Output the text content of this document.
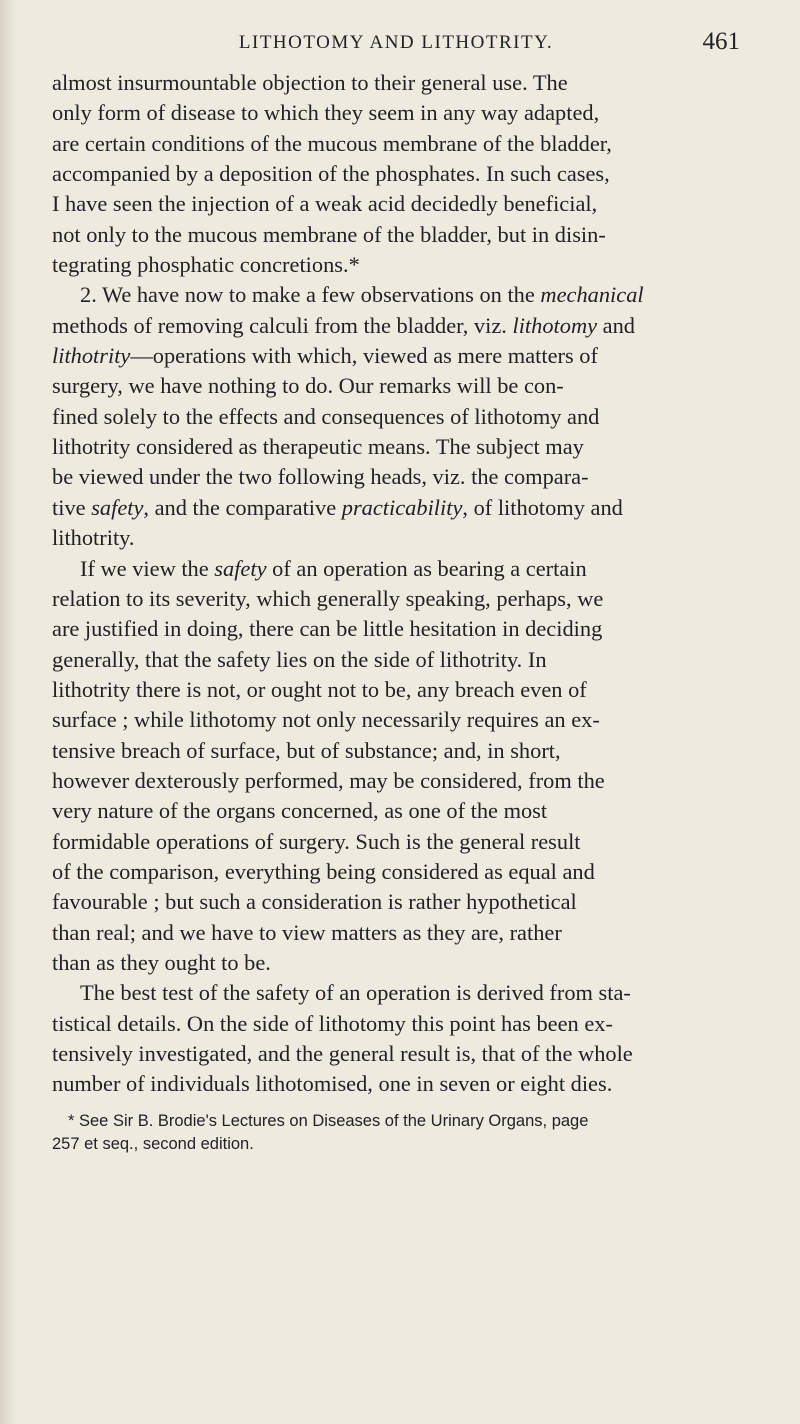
LITHOTOMY AND LITHOTRITY.	461

almost insurmountable objection to their general use. The
only form of disease to which they seem in any way adapted,
are certain conditions of the mucous membrane of the bladder,
accompanied by a deposition of the phosphates. In such cases,
I have seen the injection of a weak acid decidedly beneficial,
not only to the mucous membrane of the bladder, but in disin-
tegrating phosphatic concretions.*

2. We have now to make a few observations on the mechanical
methods of removing calculi from the bladder, viz. lithotomy and
lithotrity—operations with which, viewed as mere matters of
surgery, we have nothing to do. Our remarks will be con-
fined solely to the effects and consequences of lithotomy and
lithotrity considered as therapeutic means. The subject may
be viewed under the two following heads, viz. the compara-
tive safety, and the comparative practicability, of lithotomy and
lithotrity.

If we view the safety of an operation as bearing a certain
relation to its severity, which generally speaking, perhaps, we
are justified in doing, there can be little hesitation in deciding
generally, that the safety lies on the side of lithotrity. In
lithotrity there is not, or ought not to be, any breach even of
surface ; while lithotomy not only necessarily requires an ex-
tensive breach of surface, but of substance; and, in short,
however dexterously performed, may be considered, from the
very nature of the organs concerned, as one of the most
formidable operations of surgery. Such is the general result
of the comparison, everything being considered as equal and
favourable ; but such a consideration is rather hypothetical
than real; and we have to view matters as they are, rather
than as they ought to be.

The best test of the safety of an operation is derived from sta-
tistical details. On the side of lithotomy this point has been ex-
tensively investigated, and the general result is, that of the whole
number of individuals lithotomised, one in seven or eight dies.

* See Sir B. Brodie's Lectures on Diseases of the Urinary Organs, page
257 et seq., second edition.
